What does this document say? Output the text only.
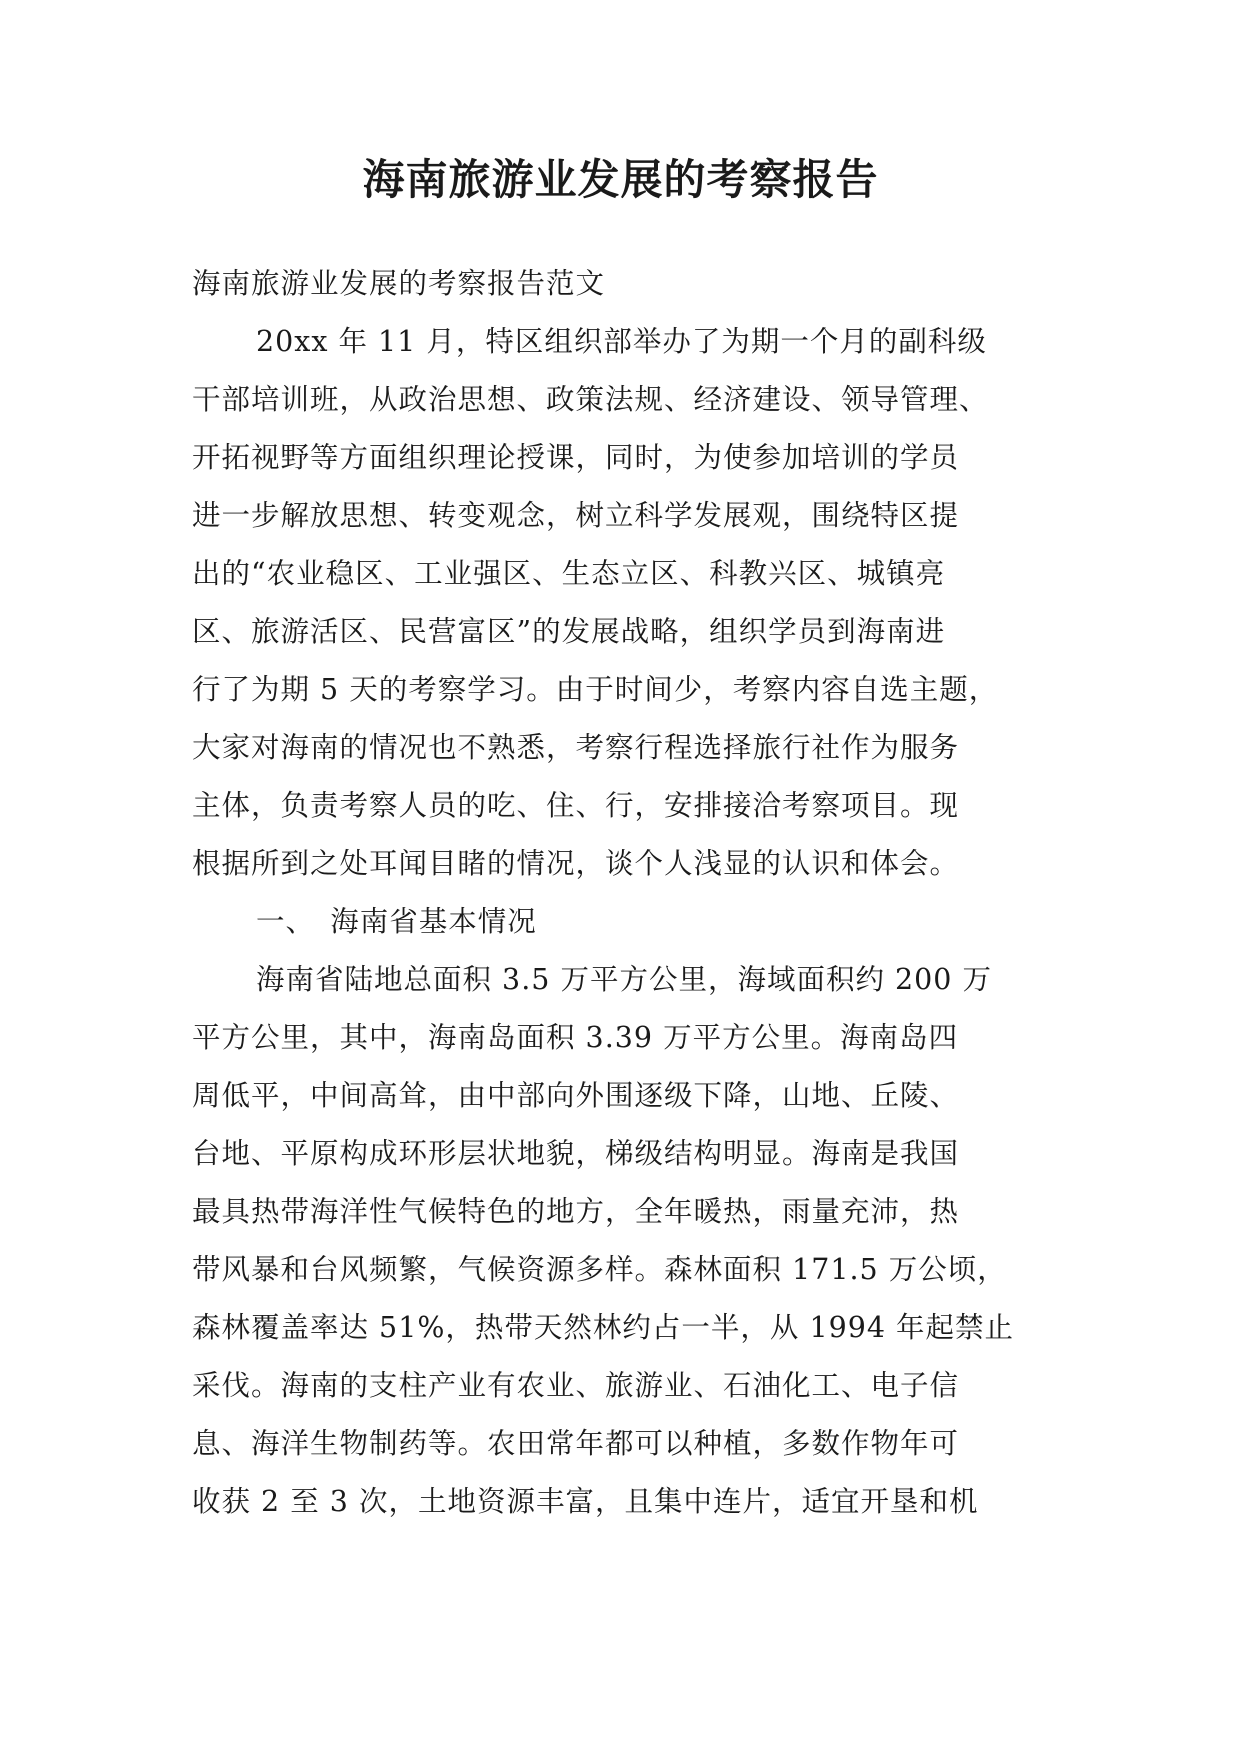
海南旅游业发展的考察报告
海南旅游业发展的考察报告范文
20xx 年 11 月，特区组织部举办了为期一个月的副科级
干部培训班，从政治思想、政策法规、经济建设、领导管理、
开拓视野等方面组织理论授课，同时，为使参加培训的学员
进一步解放思想、转变观念，树立科学发展观，围绕特区提
出的“农业稳区、工业强区、生态立区、科教兴区、城镇亮
区、旅游活区、民营富区”的发展战略，组织学员到海南进
行了为期 5 天的考察学习。由于时间少，考察内容自选主题，
大家对海南的情况也不熟悉，考察行程选择旅行社作为服务
主体，负责考察人员的吃、住、行，安排接洽考察项目。现
根据所到之处耳闻目睹的情况，谈个人浅显的认识和体会。
一、　海南省基本情况
海南省陆地总面积 3.5 万平方公里，海域面积约 200 万
平方公里，其中，海南岛面积 3.39 万平方公里。海南岛四
周低平，中间高耸，由中部向外围逐级下降，山地、丘陵、
台地、平原构成环形层状地貌，梯级结构明显。海南是我国
最具热带海洋性气候特色的地方，全年暖热，雨量充沛，热
带风暴和台风频繁，气候资源多样。森林面积 171.5 万公顷，
森林覆盖率达 51%，热带天然林约占一半，从 1994 年起禁止
采伐。海南的支柱产业有农业、旅游业、石油化工、电子信
息、海洋生物制药等。农田常年都可以种植，多数作物年可
收获 2 至 3 次，土地资源丰富，且集中连片，适宜开垦和机
